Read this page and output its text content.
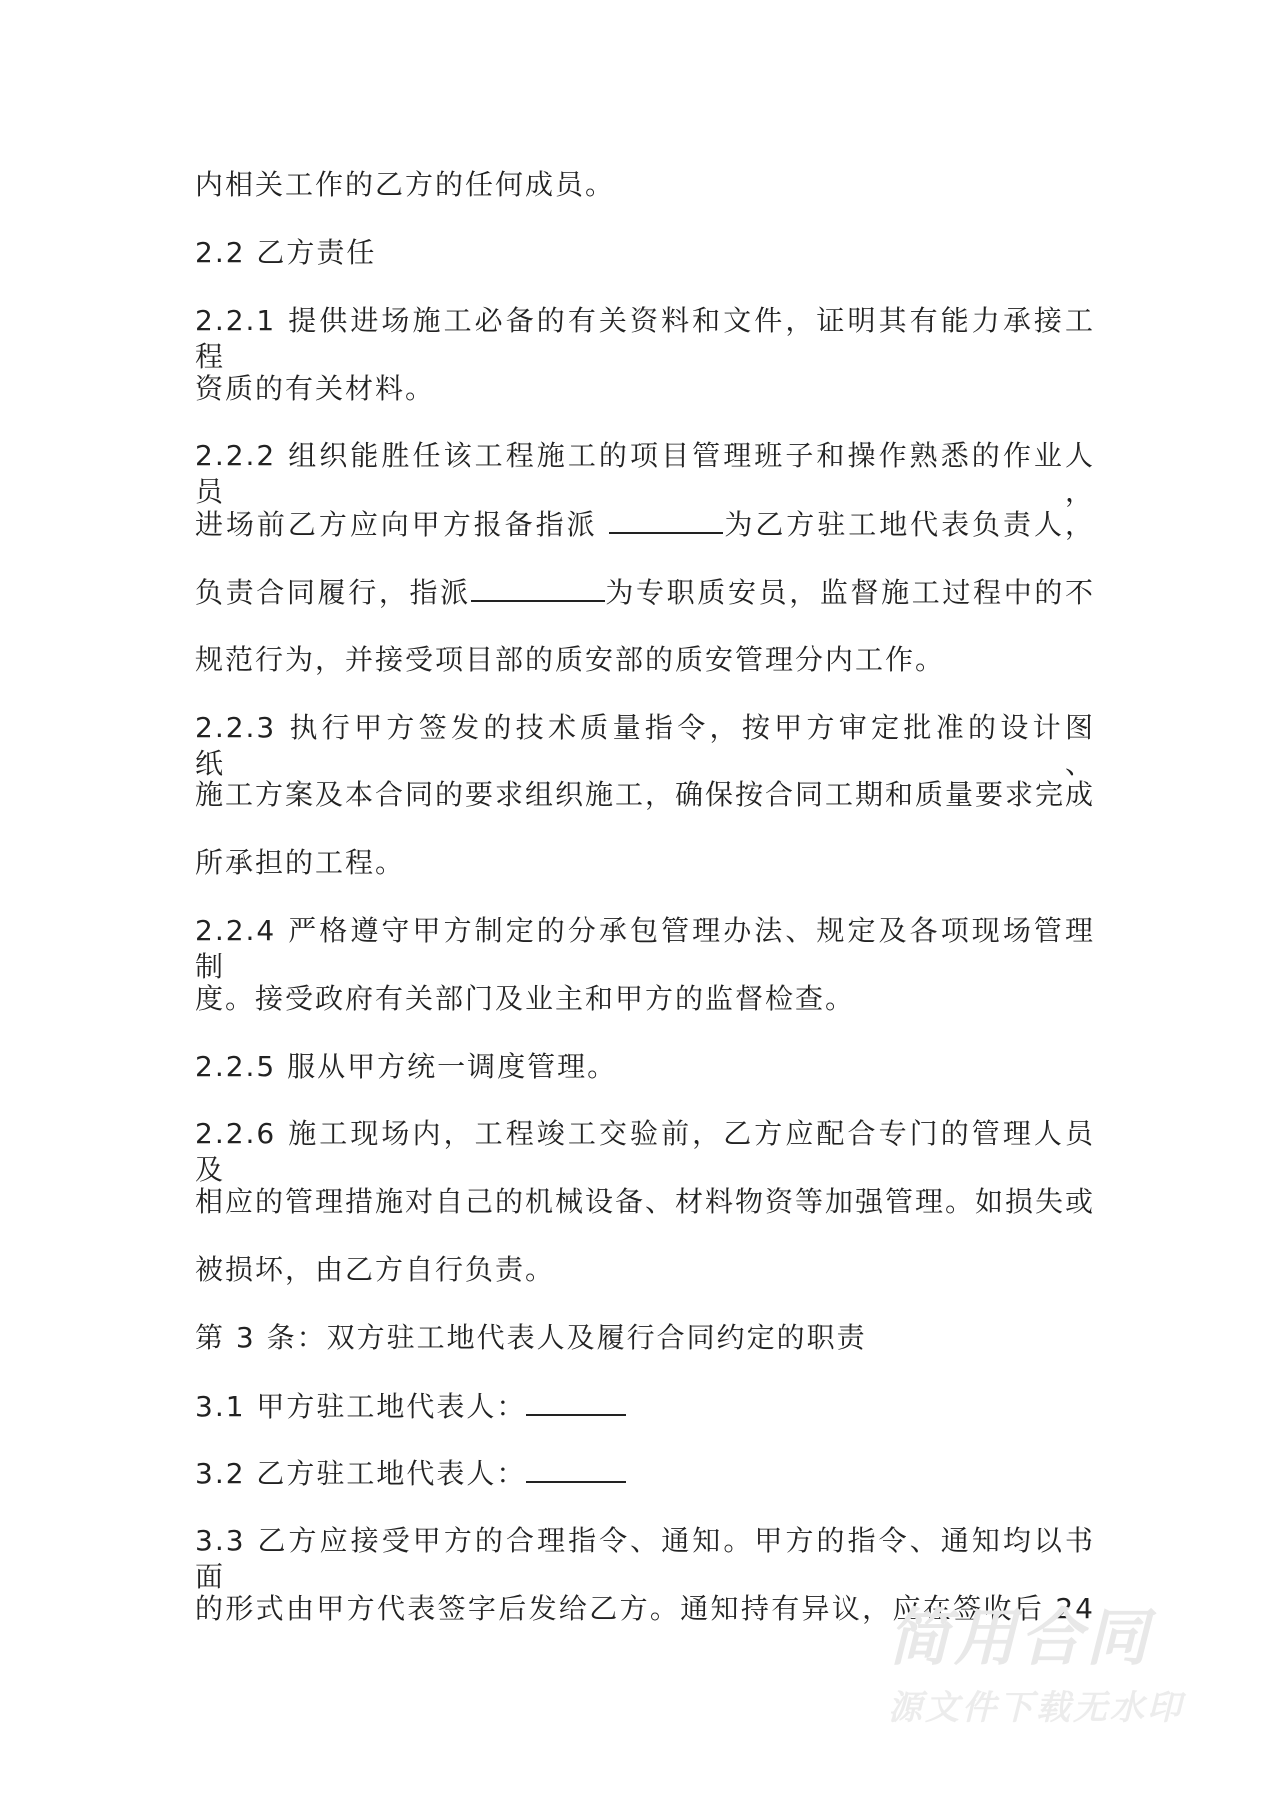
内相关工作的乙方的任何成员。
2.2 乙方责任
2.2.1 提供进场施工必备的有关资料和文件，证明其有能力承接工程
资质的有关材料。
2.2.2 组织能胜任该工程施工的项目管理班子和操作熟悉的作业人员，
进场前乙方应向甲方报备指派	为乙方驻工地代表负责人，
负责合同履行，指派	为专职质安员，监督施工过程中的不
规范行为，并接受项目部的质安部的质安管理分内工作。
2.2.3 执行甲方签发的技术质量指令，按甲方审定批准的设计图纸、
施工方案及本合同的要求组织施工，确保按合同工期和质量要求完成
所承担的工程。
2.2.4 严格遵守甲方制定的分承包管理办法、规定及各项现场管理制
度。接受政府有关部门及业主和甲方的监督检查。
2.2.5 服从甲方统一调度管理。
2.2.6 施工现场内，工程竣工交验前，乙方应配合专门的管理人员及
相应的管理措施对自己的机械设备、材料物资等加强管理。如损失或
被损坏，由乙方自行负责。
第 3 条：双方驻工地代表人及履行合同约定的职责
3.1 甲方驻工地代表人：
3.2 乙方驻工地代表人：
3.3 乙方应接受甲方的合理指令、通知。甲方的指令、通知均以书面
的形式由甲方代表签字后发给乙方。通知持有异议，应在签收后 24
简用合同
源文件下载无水印
